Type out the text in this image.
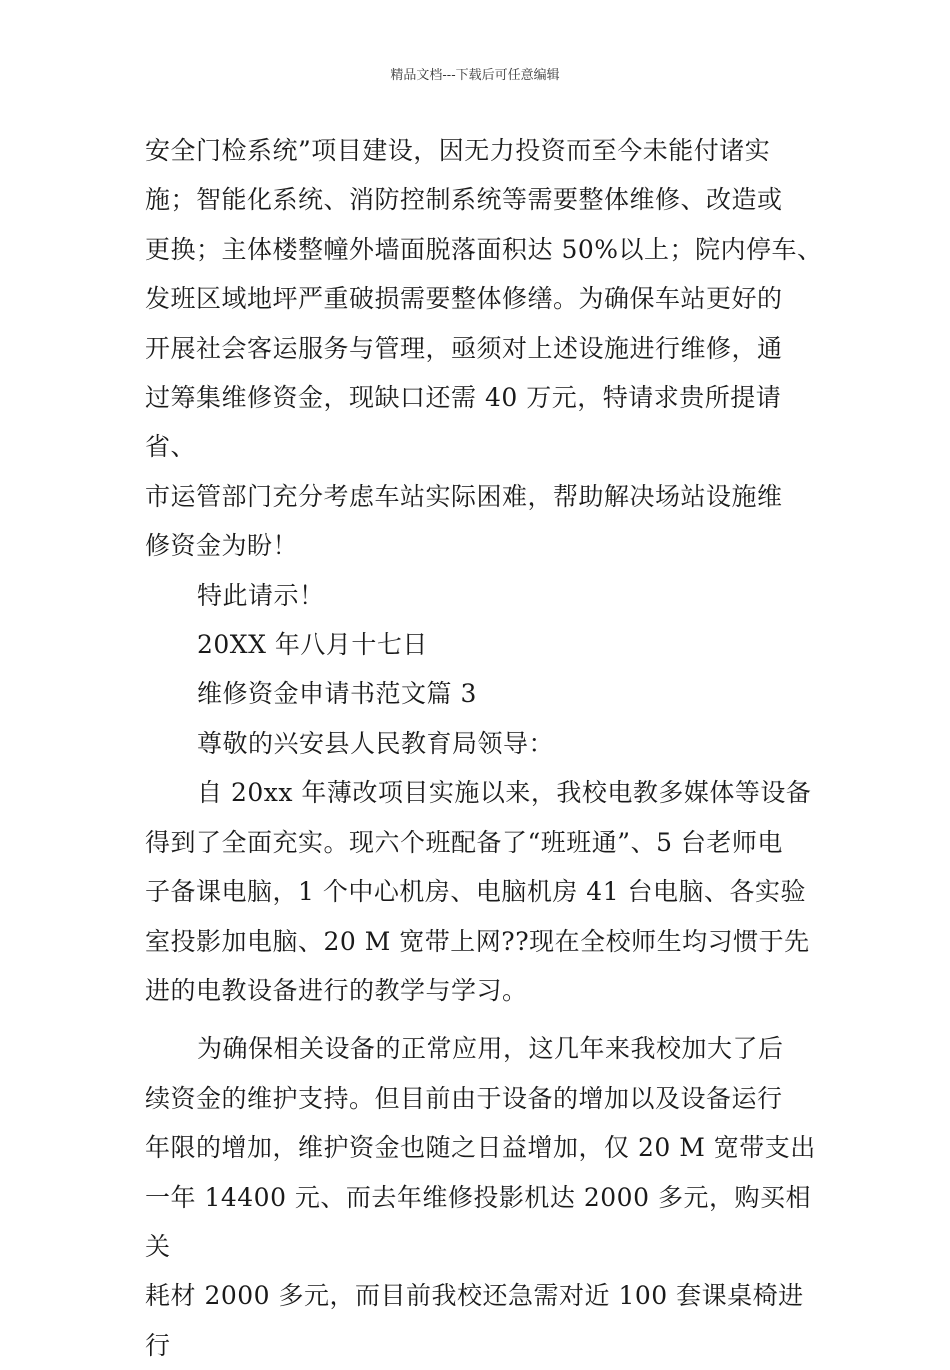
精品文档---下载后可任意编辑

安全门检系统”项目建设，因无力投资而至今未能付诸实

施；智能化系统、消防控制系统等需要整体维修、改造或

更换；主体楼整幢外墙面脱落面积达 50%以上；院内停车、

发班区域地坪严重破损需要整体修缮。为确保车站更好的

开展社会客运服务与管理，亟须对上述设施进行维修，通

过筹集维修资金，现缺口还需 40 万元，特请求贵所提请省、

市运管部门充分考虑车站实际困难，帮助解决场站设施维

修资金为盼！

特此请示！

20XX 年八月十七日

维修资金申请书范文篇 3

尊敬的兴安县人民教育局领导：

自 20xx 年薄改项目实施以来，我校电教多媒体等设备

得到了全面充实。现六个班配备了“班班通”、5 台老师电

子备课电脑，1 个中心机房、电脑机房 41 台电脑、各实验

室投影加电脑、20 M 宽带上网??现在全校师生均习惯于先

进的电教设备进行的教学与学习。

为确保相关设备的正常应用，这几年来我校加大了后

续资金的维护支持。但目前由于设备的增加以及设备运行

年限的增加，维护资金也随之日益增加，仅 20 M 宽带支出

一年 14400 元、而去年维修投影机达 2000 多元，购买相关

耗材 2000 多元，而目前我校还急需对近 100 套课桌椅进行
